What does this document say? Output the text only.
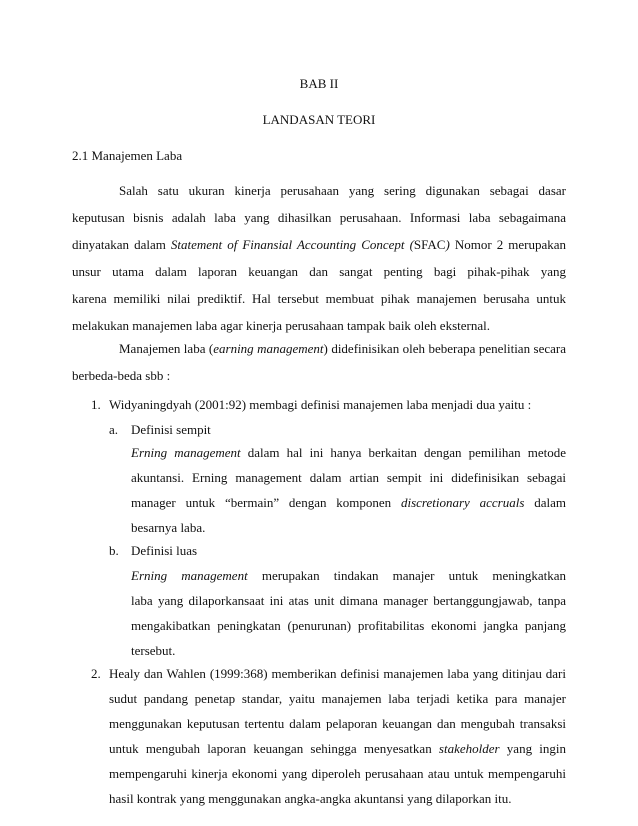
BAB II
LANDASAN TEORI
2.1 Manajemen Laba
Salah satu ukuran kinerja perusahaan yang sering digunakan sebagai dasar
keputusan bisnis adalah laba yang dihasilkan perusahaan. Informasi laba sebagaimana
dinyatakan dalam Statement of Finansial Accounting Concept (SFAC) Nomor 2 merupakan
unsur utama dalam laporan keuangan dan sangat penting bagi pihak-pihak yang
karena memiliki nilai prediktif. Hal tersebut membuat pihak manajemen berusaha untuk
melakukan manajemen laba agar kinerja perusahaan tampak baik oleh eksternal.
Manajemen laba (earning management) didefinisikan oleh beberapa penelitian secara
berbeda-beda sbb :
1. Widyaningdyah (2001:92) membagi definisi manajemen laba menjadi dua yaitu :
a. Definisi sempit
Erning management dalam hal ini hanya berkaitan dengan pemilihan metode
akuntansi. Erning management dalam artian sempit ini didefinisikan sebagai
manager untuk “bermain” dengan komponen discretionary accruals dalam
besarnya laba.
b. Definisi luas
Erning management merupakan tindakan manajer untuk meningkatkan
laba yang dilaporkansaat ini atas unit dimana manager bertanggungjawab, tanpa
mengakibatkan peningkatan (penurunan) profitabilitas ekonomi jangka panjang
tersebut.
2. Healy dan Wahlen (1999:368) memberikan definisi manajemen laba yang ditinjau dari
sudut pandang penetap standar, yaitu manajemen laba terjadi ketika para manajer
menggunakan keputusan tertentu dalam pelaporan keuangan dan mengubah transaksi
untuk mengubah laporan keuangan sehingga menyesatkan stakeholder yang ingin
mempengaruhi kinerja ekonomi yang diperoleh perusahaan atau untuk mempengaruhi
hasil kontrak yang menggunakan angka-angka akuntansi yang dilaporkan itu.
